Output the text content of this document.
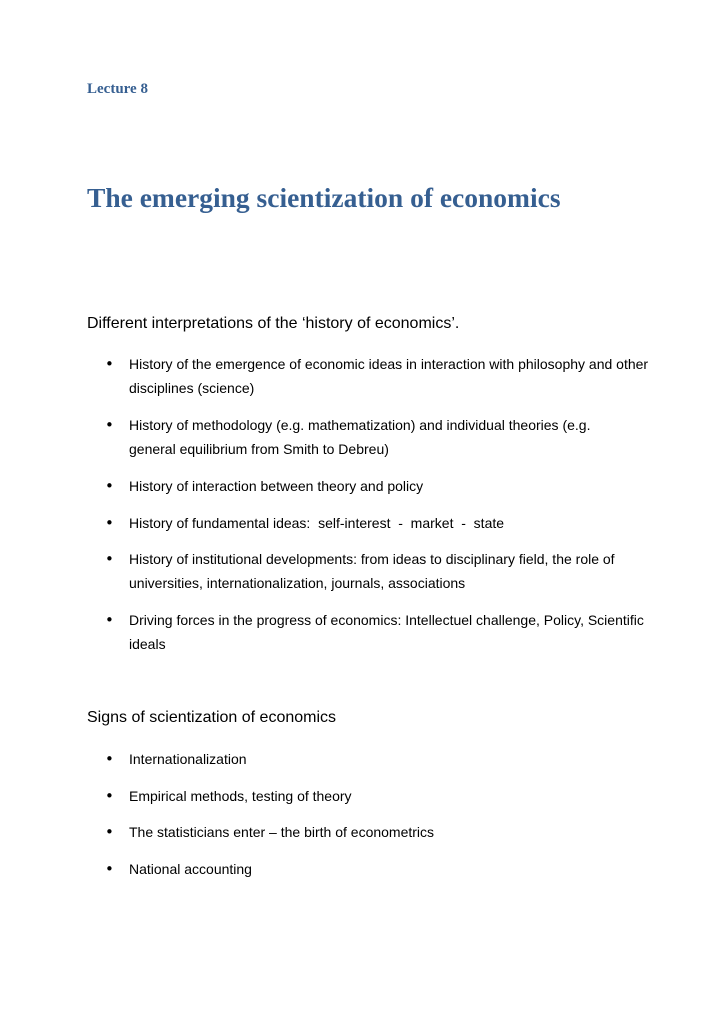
Lecture 8

The emerging scientization of economics

Different interpretations of the ‘history of economics’.

• History of the emergence of economic ideas in interaction with philosophy and other disciplines (science)
• History of methodology (e.g. mathematization) and individual theories (e.g. general equilibrium from Smith to Debreu)
• History of interaction between theory and policy
• History of fundamental ideas:  self-interest  -  market  -  state
• History of institutional developments: from ideas to disciplinary field, the role of universities, internationalization, journals, associations
• Driving forces in the progress of economics: Intellectuel challenge, Policy, Scientific ideals

Signs of scientization of economics

• Internationalization
• Empirical methods, testing of theory
• The statisticians enter – the birth of econometrics
• National accounting
